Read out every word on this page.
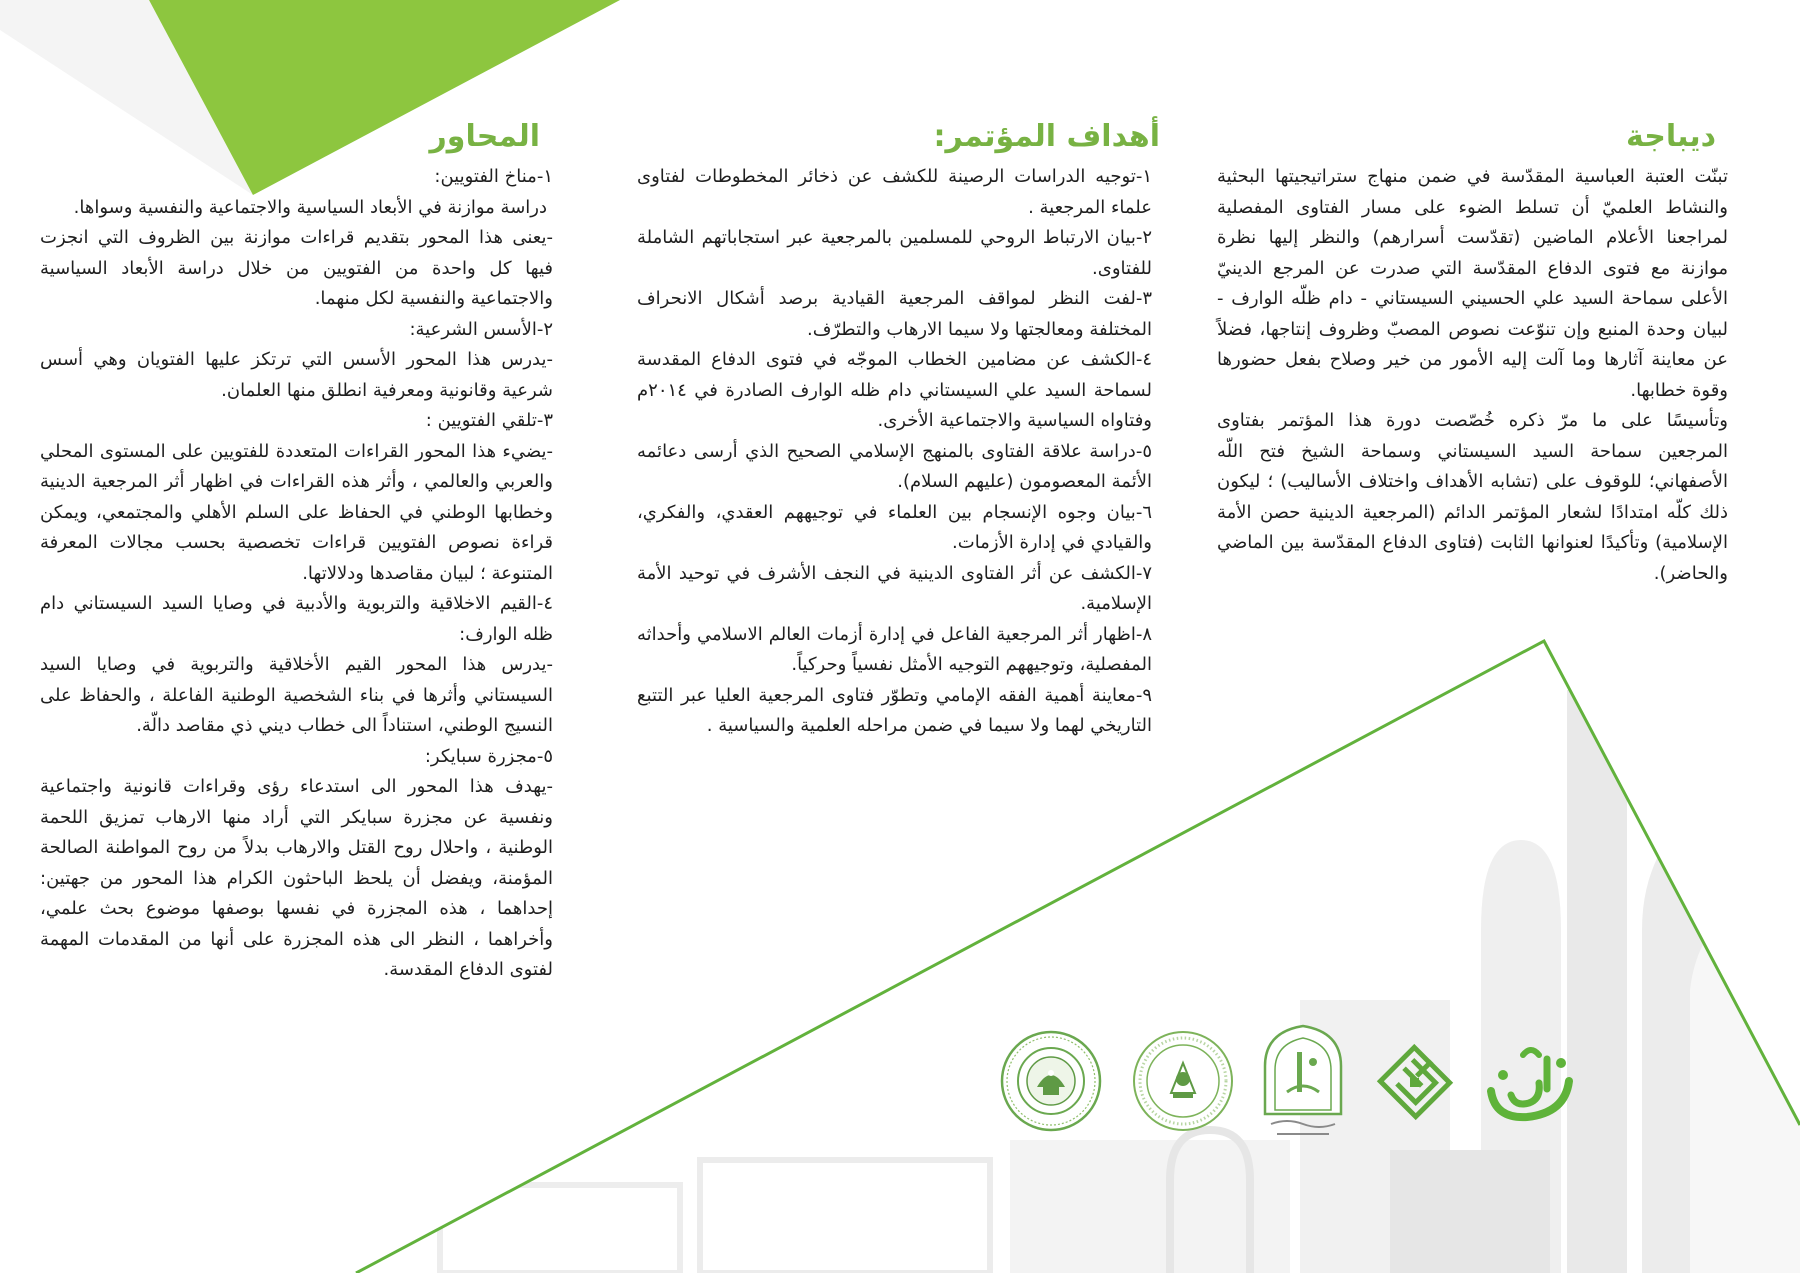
ديباجة

تبنّت العتبة العباسية المقدّسة في ضمن منهاج ستراتيجيتها البحثية والنشاط العلميّ أن تسلط الضوء على مسار الفتاوى المفصلية لمراجعنا الأعلام الماضين (تقدّست أسرارهم) والنظر إليها نظرة موازنة مع فتوى الدفاع المقدّسة التي صدرت عن المرجع الدينيّ الأعلى سماحة السيد علي الحسيني السيستاني - دام ظلّه الوارف - لبيان وحدة المنبع وإن تنوّعت نصوص المصبّ وظروف إنتاجها، فضلاً عن معاينة آثارها وما آلت إليه الأمور من خير وصلاح بفعل حضورها وقوة خطابها.

وتأسيسًا على ما مرّ ذكره خُصّصت دورة هذا المؤتمر بفتاوى المرجعين سماحة السيد السيستاني وسماحة الشيخ فتح اللّه الأصفهاني؛ للوقوف على (تشابه الأهداف واختلاف الأساليب) ؛ ليكون ذلك كلّه امتدادًا لشعار المؤتمر الدائم (المرجعية الدينية حصن الأمة الإسلامية) وتأكيدًا لعنوانها الثابت (فتاوى الدفاع المقدّسة بين الماضي والحاضر).

أهداف المؤتمر:

١-توجيه الدراسات الرصينة للكشف عن ذخائر المخطوطات لفتاوى علماء المرجعية .

٢-بيان الارتباط الروحي للمسلمين بالمرجعية عبر استجاباتهم الشاملة للفتاوى.

٣-لفت النظر لمواقف المرجعية القيادية برصد أشكال الانحراف المختلفة ومعالجتها ولا سيما الارهاب والتطرّف.

٤-الكشف عن مضامين الخطاب الموجّه في فتوى الدفاع المقدسة لسماحة السيد علي السيستاني دام ظله الوارف الصادرة في ٢٠١٤م وفتاواه السياسية والاجتماعية الأخرى.

٥-دراسة علاقة الفتاوى بالمنهج الإسلامي الصحيح الذي أرسى دعائمه الأئمة المعصومون (عليهم السلام).

٦-بيان وجوه الإنسجام بين العلماء في توجيههم العقدي، والفكري، والقيادي في إدارة الأزمات.

٧-الكشف عن أثر الفتاوى الدينية في النجف الأشرف في توحيد الأمة الإسلامية.

٨-اظهار أثر المرجعية الفاعل في إدارة أزمات العالم الاسلامي وأحداثه المفصلية، وتوجيههم التوجيه الأمثل نفسياً وحركياً.

٩-معاينة أهمية الفقه الإمامي وتطوّر فتاوى المرجعية العليا عبر التتبع التاريخي لهما ولا سيما في ضمن مراحله العلمية والسياسية .

المحاور

١-مناخ الفتويين:

دراسة موازنة في الأبعاد السياسية والاجتماعية والنفسية وسواها.

-يعنى هذا المحور بتقديم قراءات موازنة بين الظروف التي انجزت فيها كل واحدة من الفتويين من خلال دراسة الأبعاد السياسية والاجتماعية والنفسية لكل منهما.

٢-الأسس الشرعية:

-يدرس هذا المحور الأسس التي ترتكز عليها الفتويان وهي أسس شرعية وقانونية ومعرفية انطلق منها العلمان.

٣-تلقي الفتويين :

-يضيء هذا المحور القراءات المتعددة للفتويين على المستوى المحلي والعربي والعالمي ، وأثر هذه القراءات في اظهار أثر المرجعية الدينية وخطابها الوطني في الحفاظ على السلم الأهلي والمجتمعي، ويمكن قراءة نصوص الفتويين قراءات تخصصية بحسب مجالات المعرفة المتنوعة ؛ لبيان مقاصدها ودلالاتها.

٤-القيم الاخلاقية والتربوية والأدبية في وصايا السيد السيستاني دام ظله الوارف:

-يدرس هذا المحور القيم الأخلاقية والتربوية في وصايا السيد السيستاني وأثرها في بناء الشخصية الوطنية الفاعلة ، والحفاظ على النسيج الوطني، استناداً الى خطاب ديني ذي مقاصد دالّة.

٥-مجزرة سبايكر:

-يهدف هذا المحور الى استدعاء رؤى وقراءات قانونية واجتماعية ونفسية عن مجزرة سبايكر التي أراد منها الارهاب تمزيق اللحمة الوطنية ، واحلال روح القتل والارهاب بدلاً من روح المواطنة الصالحة المؤمنة، ويفضل أن يلحظ الباحثون الكرام هذا المحور من جهتين: إحداهما ، هذه المجزرة في نفسها بوصفها موضوع بحث علمي، وأخراهما ، النظر الى هذه المجزرة على أنها من المقدمات المهمة لفتوى الدفاع المقدسة.
